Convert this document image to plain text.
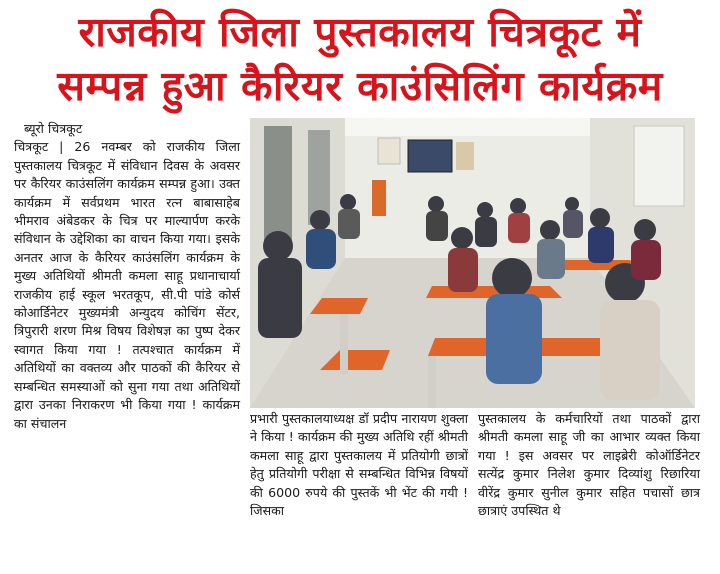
राजकीय जिला पुस्तकालय चित्रकूट में
सम्पन्न हुआ कैरियर काउंसिलिंग कार्यक्रम
ब्यूरो चित्रकूट

चित्रकूट | 26 नवम्बर को राजकीय जिला पुस्तकालय चित्रकूट में संविधान दिवस के अवसर पर कैरियर काउंसलिंग कार्यक्रम सम्पन्न हुआ। उक्त कार्यक्रम में सर्वप्रथम भारत रत्न बाबासाहेब भीमराव अंबेडकर के चित्र पर माल्यार्पण करके संविधान के उद्देशिका का वाचन किया गया। इसके अनतर आज के कैरियर काउंसलिंग कार्यक्रम के मुख्य अतिथियों श्रीमती कमला साहू प्रधानाचार्या राजकीय हाई स्कूल भरतकूप, सी.पी पांडे कोर्स कोआर्डिनेटर मुख्यमंत्री अन्युदय कोचिंग सेंटर, त्रिपुरारी शरण मिश्र विषय विशेषज्ञ का पुष्प देकर स्वागत किया गया ! तत्पश्चात कार्यक्रम में अतिथियों का वक्तव्य और पाठकों की कैरियर से सम्बन्धित समस्याओं को सुना गया तथा अतिथियों द्वारा उनका निराकरण भी किया गया ! कार्यक्रम का संचालन	प्रभारी पुस्तकालयाध्यक्ष डॉ प्रदीप नारायण शुक्ला ने किया ! कार्यक्रम की मुख्य अतिथि रहीं श्रीमती कमला साहू द्वारा पुस्तकालय में प्रतियोगी छात्रों हेतु प्रतियोगी परीक्षा से सम्बन्धित विभिन्न विषयों की 6000 रुपये की पुस्तकें भी भेंट की गयी ! जिसका

पुस्तकालय के कर्मचारियों तथा पाठकों द्वारा श्रीमती कमला साहू जी का आभार व्यक्त किया गया ! इस अवसर पर लाइब्रेरी कोऑर्डिनेटर सत्येंद्र कुमार निलेश कुमार दिव्यांशु रिछारिया वीरेंद्र कुमार सुनील कुमार सहित पचासों छात्र छात्राएं उपस्थित थे
